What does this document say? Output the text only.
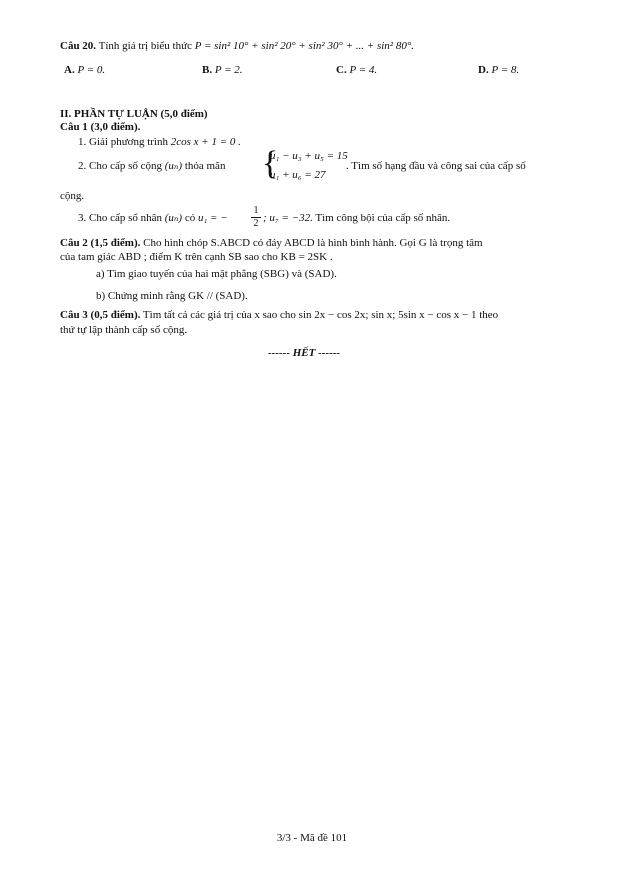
Câu 20. Tính giá trị biểu thức P = sin² 10° + sin² 20° + sin² 30° + ... + sin² 80°.
A. P = 0.	B. P = 2.	C. P = 4.	D. P = 8.
II. PHẦN TỰ LUẬN (5,0 điểm)
Câu 1 (3,0 điểm).
1. Giải phương trình 2cos x + 1 = 0 .
2. Cho cấp số cộng (uₙ) thỏa mãn {
u₁ − u₃ + u₅ = 15
u₁ + u₆ = 27
. Tìm số hạng đầu và công sai của cấp số
cộng.
3. Cho cấp số nhân (uₙ) có u₁ = − $\frac{1}{2}$ ; u₇ = −32. Tìm công bội của cấp số nhân.
Câu 2 (1,5 điểm). Cho hình chóp S.ABCD có đáy ABCD là hình bình hành. Gọi G là trọng tâm
của tam giác ABD ; điểm K trên cạnh SB sao cho KB = 2SK .
a) Tìm giao tuyến của hai mặt phẳng (SBG) và (SAD).
b) Chứng minh rằng GK // (SAD).
Câu 3 (0,5 điểm). Tìm tất cả các giá trị của x sao cho sin 2x − cos 2x; sin x; 5sin x − cos x − 1 theo
thứ tự lập thành cấp số cộng.
------ HẾT ------
3/3 - Mã đề 101
